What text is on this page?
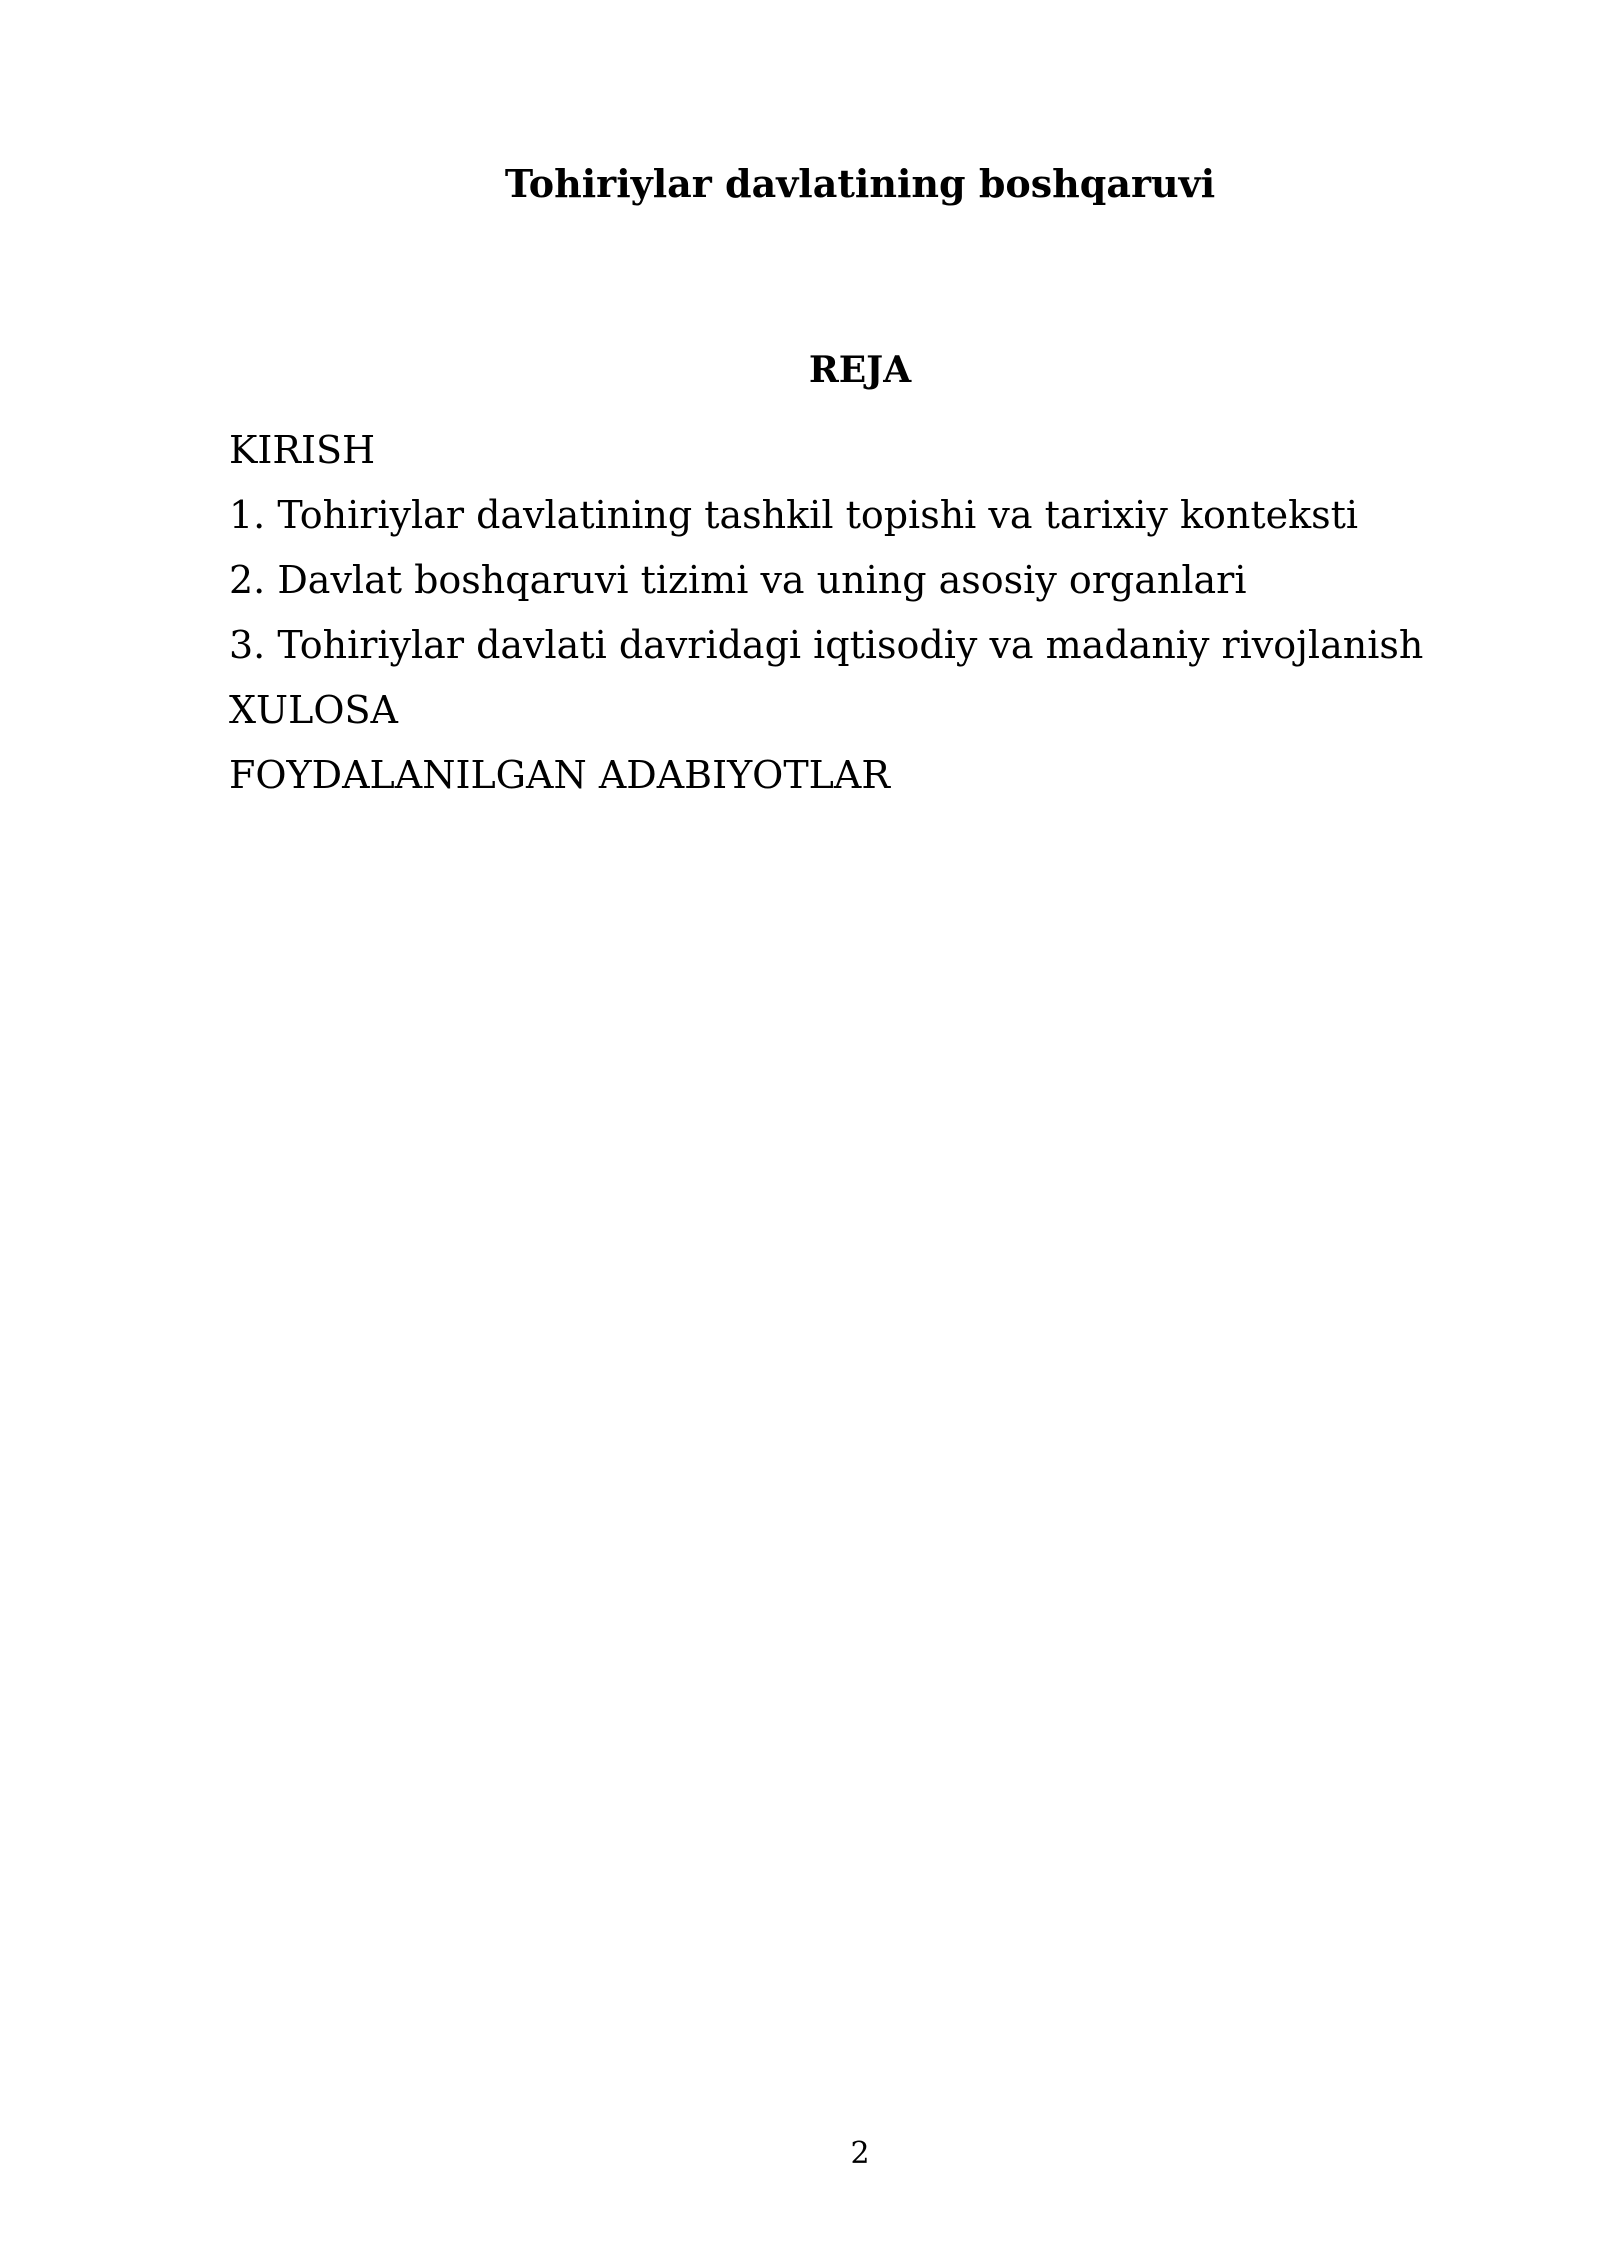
Tohiriylar davlatining boshqaruvi
REJA
KIRISH
1. Tohiriylar davlatining tashkil topishi va tarixiy konteksti
2. Davlat boshqaruvi tizimi va uning asosiy organlari
3. Tohiriylar davlati davridagi iqtisodiy va madaniy rivojlanish
XULOSA
FOYDALANILGAN ADABIYOTLAR
2
